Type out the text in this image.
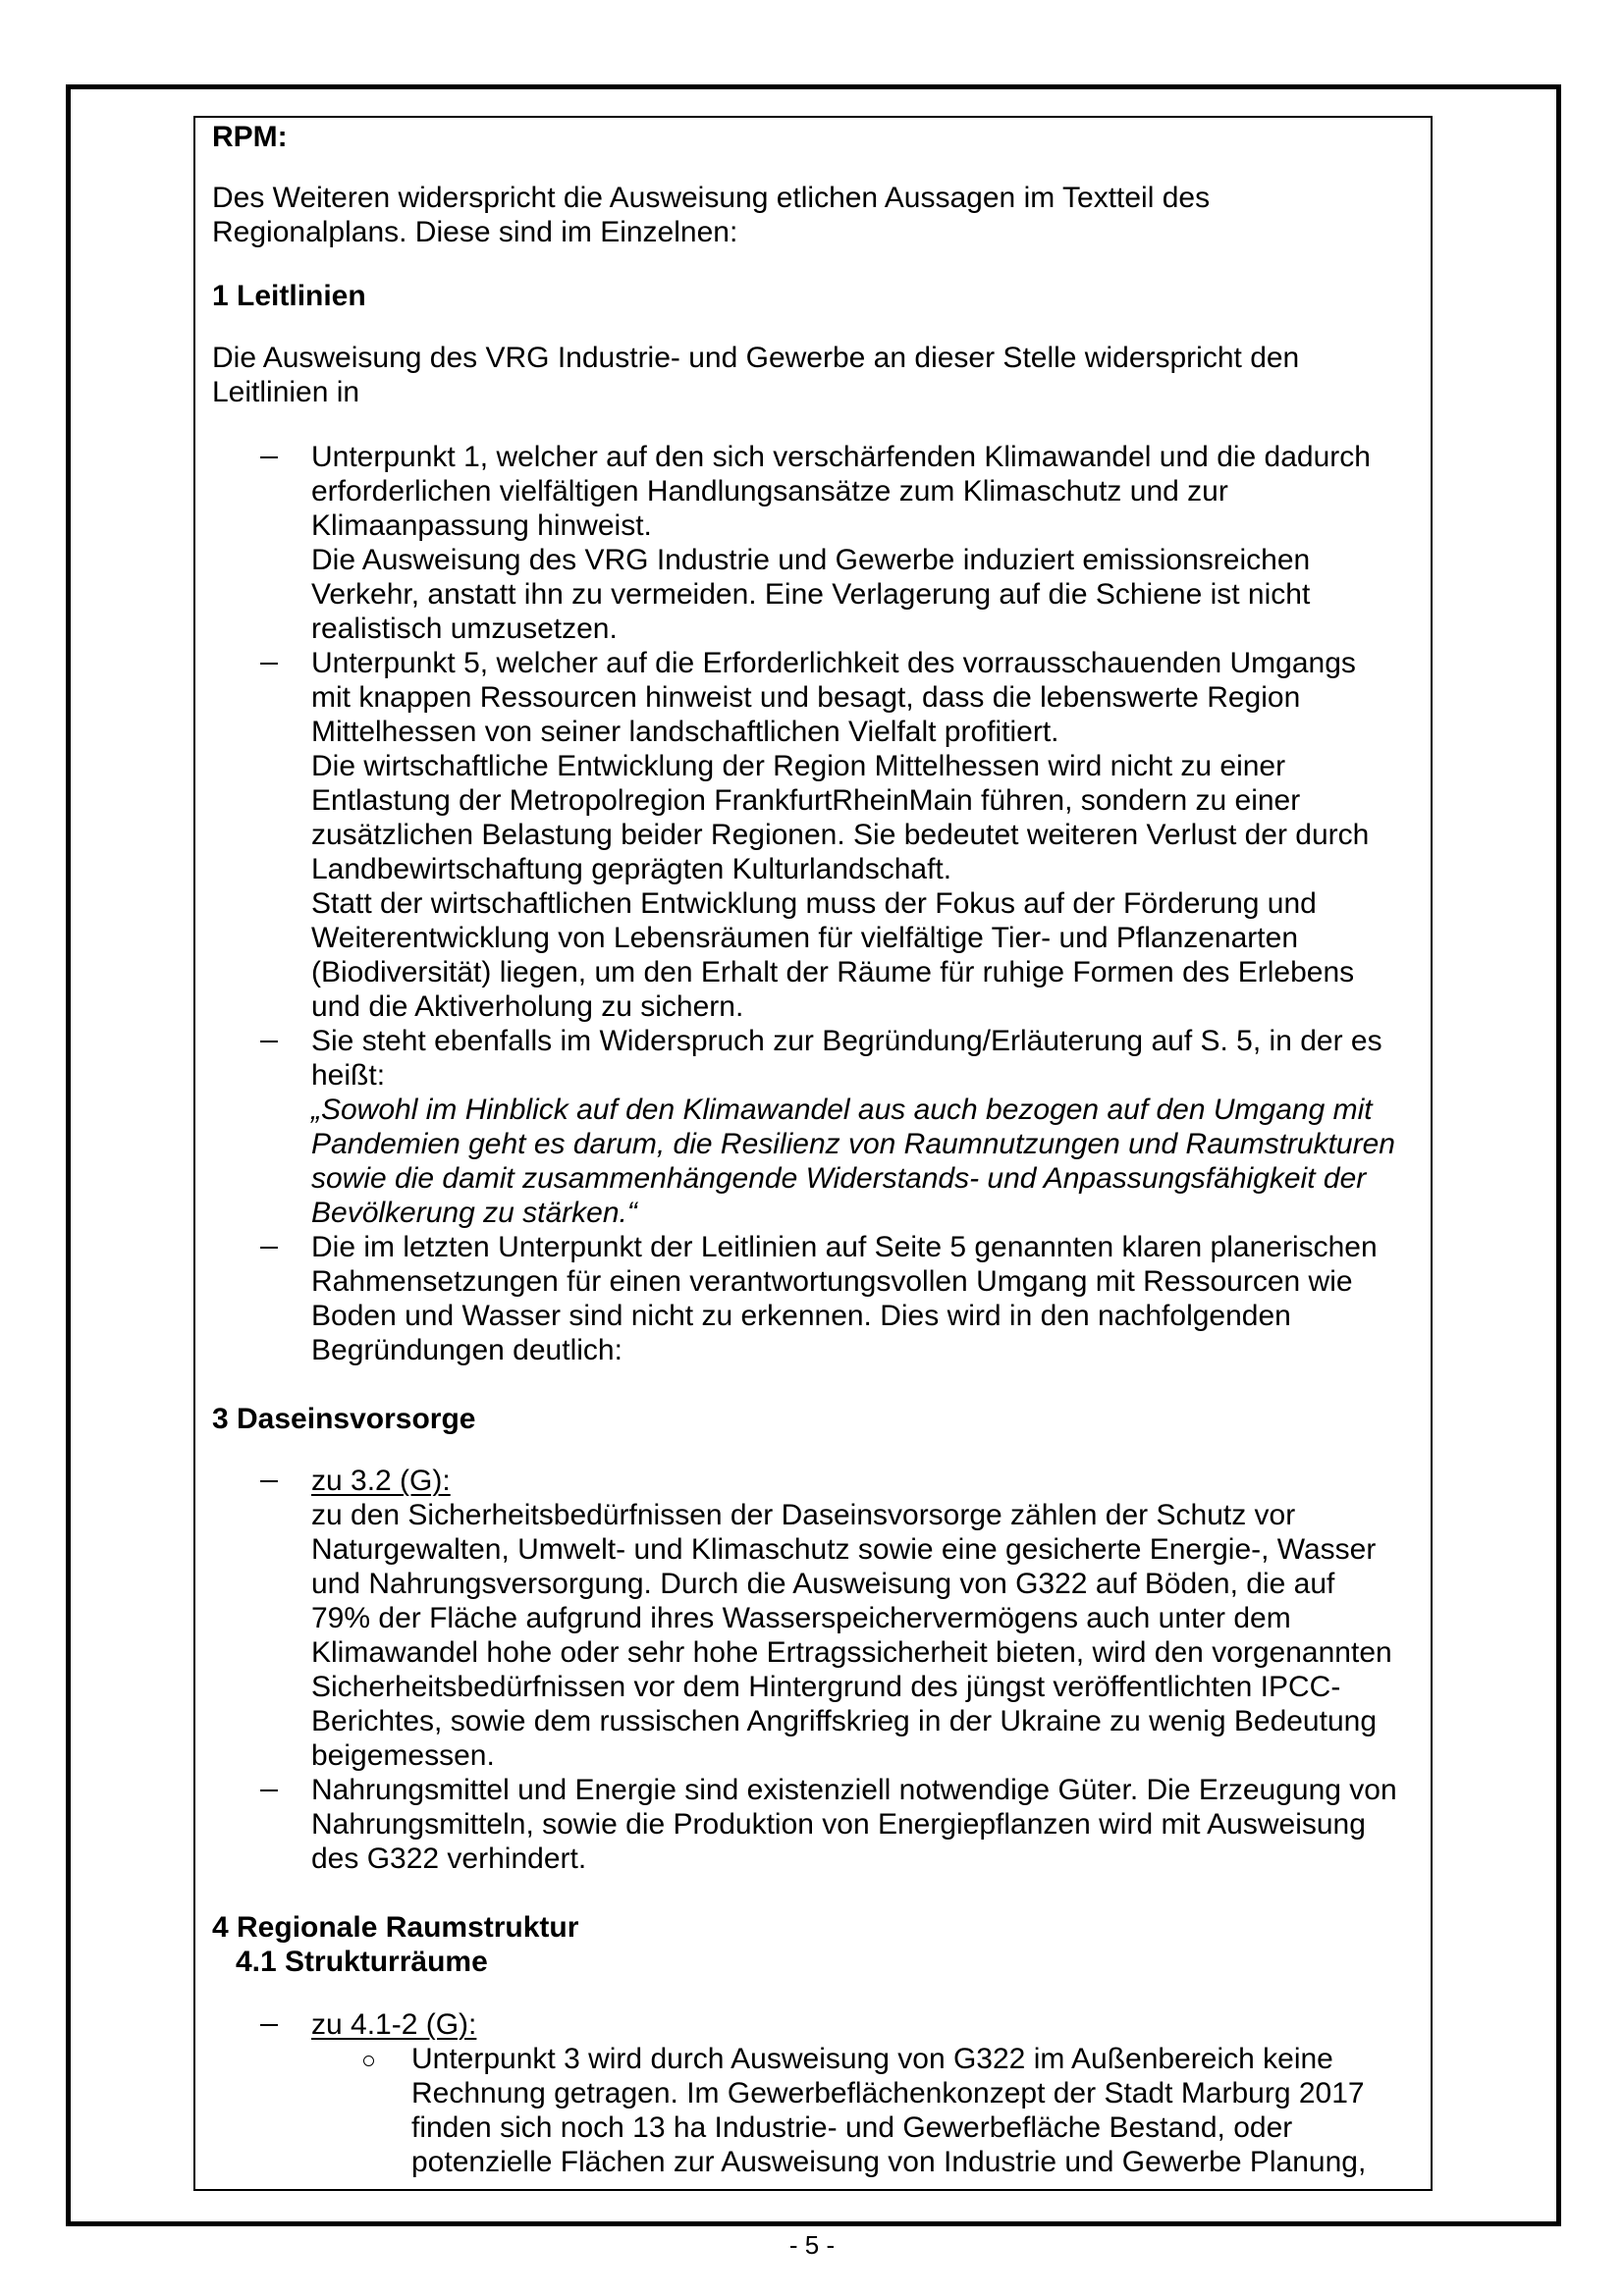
RPM:
Des Weiteren widerspricht die Ausweisung etlichen Aussagen im Textteil des
Regionalplans. Diese sind im Einzelnen:
1 Leitlinien
Die Ausweisung des VRG Industrie- und Gewerbe an dieser Stelle widerspricht den
Leitlinien in
Unterpunkt 1, welcher auf den sich verschärfenden Klimawandel und die dadurch
erforderlichen vielfältigen Handlungsansätze zum Klimaschutz und zur
Klimaanpassung hinweist.
Die Ausweisung des VRG Industrie und Gewerbe induziert emissionsreichen
Verkehr, anstatt ihn zu vermeiden. Eine Verlagerung auf die Schiene ist nicht
realistisch umzusetzen.
Unterpunkt 5, welcher auf die Erforderlichkeit des vorrausschauenden Umgangs
mit knappen Ressourcen hinweist und besagt, dass die lebenswerte Region
Mittelhessen von seiner landschaftlichen Vielfalt profitiert.
Die wirtschaftliche Entwicklung der Region Mittelhessen wird nicht zu einer
Entlastung der Metropolregion FrankfurtRheinMain führen, sondern zu einer
zusätzlichen Belastung beider Regionen. Sie bedeutet weiteren Verlust der durch
Landbewirtschaftung geprägten Kulturlandschaft.
Statt der wirtschaftlichen Entwicklung muss der Fokus auf der Förderung und
Weiterentwicklung von Lebensräumen für vielfältige Tier- und Pflanzenarten
(Biodiversität) liegen, um den Erhalt der Räume für ruhige Formen des Erlebens
und die Aktiverholung zu sichern.
Sie steht ebenfalls im Widerspruch zur Begründung/Erläuterung auf S. 5, in der es
heißt:
„Sowohl im Hinblick auf den Klimawandel aus auch bezogen auf den Umgang mit
Pandemien geht es darum, die Resilienz von Raumnutzungen und Raumstrukturen
sowie die damit zusammenhängende Widerstands- und Anpassungsfähigkeit der
Bevölkerung zu stärken.“
Die im letzten Unterpunkt der Leitlinien auf Seite 5 genannten klaren planerischen
Rahmensetzungen für einen verantwortungsvollen Umgang mit Ressourcen wie
Boden und Wasser sind nicht zu erkennen. Dies wird in den nachfolgenden
Begründungen deutlich:
3 Daseinsvorsorge
zu 3.2 (G):
zu den Sicherheitsbedürfnissen der Daseinsvorsorge zählen der Schutz vor
Naturgewalten, Umwelt- und Klimaschutz sowie eine gesicherte Energie-, Wasser
und Nahrungsversorgung. Durch die Ausweisung von G322 auf Böden, die auf
79% der Fläche aufgrund ihres Wasserspeichervermögens auch unter dem
Klimawandel hohe oder sehr hohe Ertragssicherheit bieten, wird den vorgenannten
Sicherheitsbedürfnissen vor dem Hintergrund des jüngst veröffentlichten IPCC-
Berichtes, sowie dem russischen Angriffskrieg in der Ukraine zu wenig Bedeutung
beigemessen.
Nahrungsmittel und Energie sind existenziell notwendige Güter. Die Erzeugung von
Nahrungsmitteln, sowie die Produktion von Energiepflanzen wird mit Ausweisung
des G322 verhindert.
4 Regionale Raumstruktur
4.1 Strukturräume
zu 4.1-2 (G):
Unterpunkt 3 wird durch Ausweisung von G322 im Außenbereich keine
Rechnung getragen. Im Gewerbeflächenkonzept der Stadt Marburg 2017
finden sich noch 13 ha Industrie- und Gewerbefläche Bestand, oder
potenzielle Flächen zur Ausweisung von Industrie und Gewerbe Planung,
- 5 -
